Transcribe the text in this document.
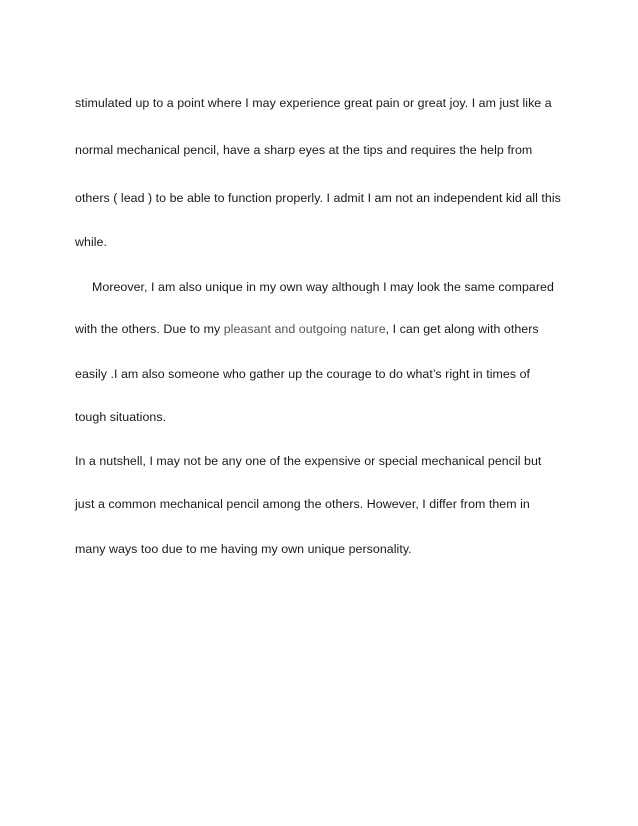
stimulated up to a point where I may experience great pain or great joy. I am just like a
normal mechanical pencil, have a sharp eyes at the tips and requires the help from
others ( lead ) to be able to function properly. I admit I am not an independent kid all this
while.
Moreover, I am also unique in my own way although I may look the same compared
with the others. Due to my pleasant and outgoing nature, I can get along with others
easily .I am also someone who gather up the courage to do what’s right in times of
tough situations.
In a nutshell, I may not be any one of the expensive or special mechanical pencil but
just a common mechanical pencil among the others. However, I differ from them in
many ways too due to me having my own unique personality.
